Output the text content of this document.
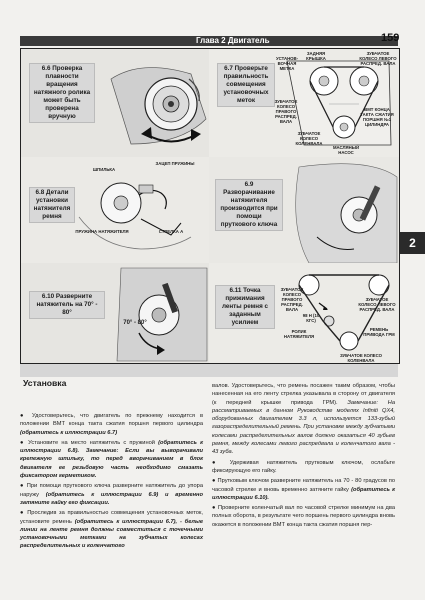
Глава 2 Двигатель	159
6.6 Проверка плавности вращения натяжного ролика может быть проверена вручную
6.7 Проверьте правильность совмещения установочных меток
ЗАДНЯЯ КРЫШКА
УСТАНОВ-ВОЧНАЯ МЕТКА
ЗУБЧАТОЕ КОЛЕСО ПРАВОГО РАСПРЕД. ВАЛА
ЗУБЧАТОЕ КОЛЕСО ЛЕВОГО РАСПРЕД. ВАЛА
ВМТ КОНЦА ТАКТА СЖАТИЯ ПОРШНЯ №1 ЦИЛИНДРА
ЗУБЧАТОЕ КОЛЕСО КОЛЕНВАЛА
МАСЛЯНЫЙ НАСОС
6.8 Детали установки натяжителя ремня
ЗАЦЕП ПРУЖИНЫ
ШПИЛЬКА
ПРУЖИНА НАТЯЖИТЕЛЯ	СТРЕЛКА А
6.9 Разворачивание натяжителя производится при помощи пруткового ключа
6.10 Разверните натяжитель на 70° - 80°
70° - 80°
6.11 Точка прижимания ленты ремня с заданным усилием
ЗУБЧАТОЕ КОЛЕСО ПРАВОГО РАСПРЕД. ВАЛА
ЗУБЧАТОЕ КОЛЕСО ЛЕВОГО РАСПРЕД. ВАЛА
98 Н (10 КГС)
РОЛИК НАТЯЖИТЕЛЯ
РЕМЕНЬ ПРИВОДА ГРМ
ЗУБЧАТОЕ КОЛЕСО КОЛЕНВАЛА
2
Установка

● Удостоверьтесь, что двигатель по прежнему находится в положении ВМТ конца такта сжатия поршня первого цилиндра (обратитесь к иллюстрации 6.7)

● Установите на место натяжитель с пружиной (обратитесь к иллюстрации 6.8). Замечание: Если вы выворачивали крепежную шпильку, то перед вворачиванием в блок двигателя ее резьбовую часть необходимо смазать фиксатором герметиком.

● При помощи пруткового ключа разверните натяжитель до упора наружу (обратитесь к иллюстрации 6.9) и временно затяните гайку его фиксации.

● Проследив за правильностью совмещения установочных меток, установите ремень (обратитесь к иллюстрации 6.7), - белые линии на ленте ремня должны совместиться с точечными установочными метками на зубчатых колесах распределительных и коленчатого

валов. Удостоверьтесь, что ремень посажен таким образом, чтобы нанесенная на его ленту стрелка указывала в сторону от двигателя (к передней крышке привода ГРМ). Замечание: На рассматриваемых в данном Руководстве моделях Infiniti QX4, оборудованных двигателем 3.3 л, используется 133-зубый газораспределительный ремень. При установке между зубчатыми колесами распределительных валов должно оказаться 40 зубьев ремня, между колесами левого распредвала и коленчатого вала - 43 зуба.

● Удерживая натяжитель прутковым ключом, ослабьте фиксирующую его гайку.

● Прутковым ключом разверните натяжитель на 70 - 80 градусов по часовой стрелке и вновь временно затяните гайку (обратитесь к иллюстрации 6.10).

● Проверните коленчатый вал по часовой стрелке минимум на два полных оборота, в результате чего поршень первого цилиндра вновь окажется в положении ВМТ конца такта сжатия поршня пер-
